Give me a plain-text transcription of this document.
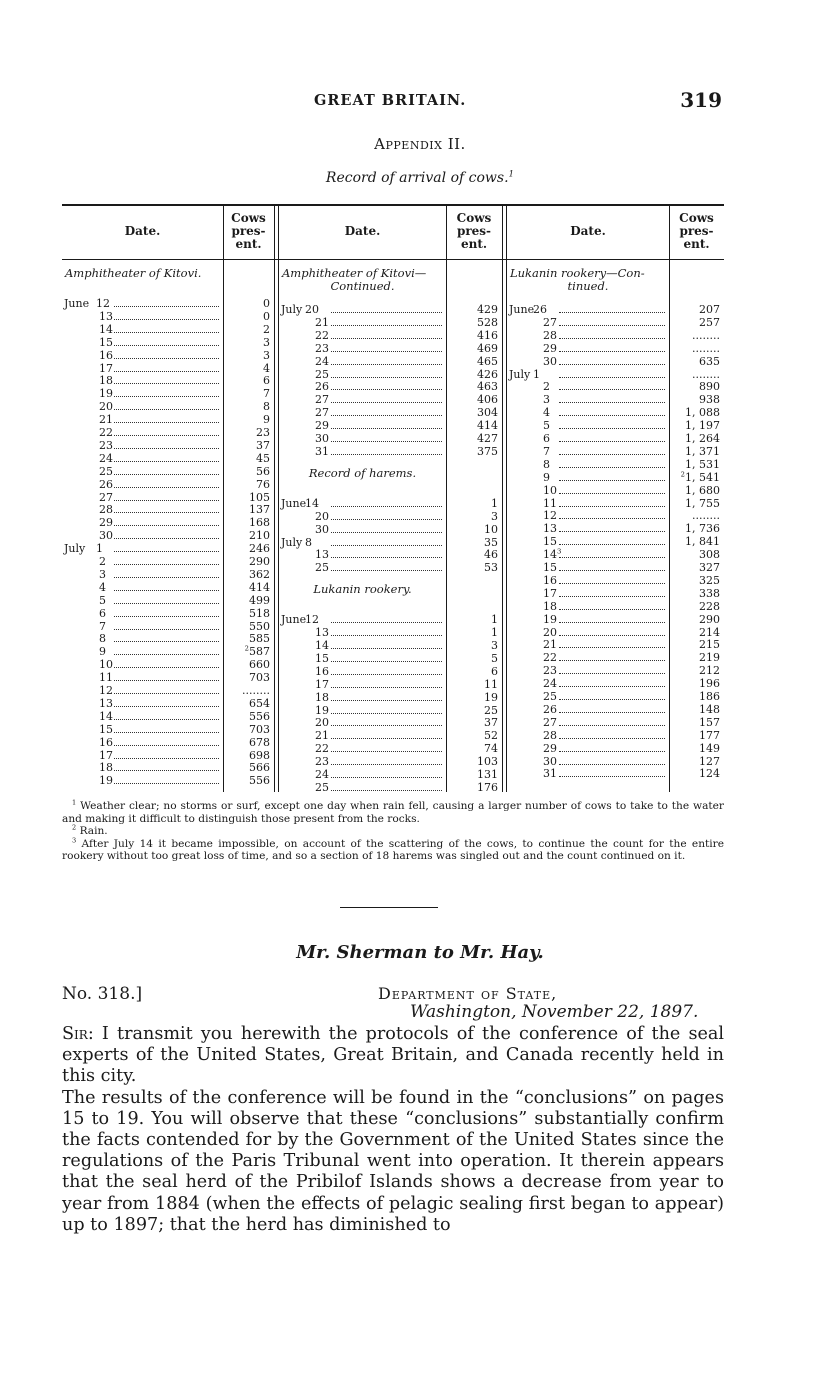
GREAT BRITAIN.	319
Appendix II.
Record of arrival of cows.$^1$
Date.
Cows
pres-
ent.
Date.
Cows
pres-
ent.
Date.
Cows
pres-
ent.
Amphitheater of Kitovi.
June 12	0
13	0
14	2
15	3
16	3
17	4
18	6
19	7
20	8
21	9
22	23
23	37
24	45
25	56
26	76
27	105
28	137
29	168
30	210
July 1	246
2	290
3	362
4	414
5	499
6	518
7	550
8	585
9	$^2$587
10	660
11	703
12	........
13	654
14	556
15	703
16	678
17	698
18	566
19	556
Amphitheater of Kitovi—
Continued.
July 20	429
21	528
22	416
23	469
24	465
25	426
26	463
27	406
27	304
29	414
30	427
31	375
Record of harems.
June
14	1
20	3
30	10
July 8	35
13	46
25	53
Lukanin rookery.
June
12	1
13	1
14	3
15	5
16	6
17	11
18	19
19	25
20	37
21	52
22	74
23	103
24	131
25	176
Lukanin rookery—Con-
tinued.
June
26	207
27	257
28	........
29	........
30	635
July 1	........
2	890
3	938
4	1, 088
5	1, 197
6	1, 264
7	1, 371
8	1, 531
9	$^2$1, 541
10	1, 680
11	1, 755
12	........
13	1, 736
15	1, 841
$14^3$	308
15	327
16	325
17	338
18	228
19	290
20	214
21	215
22	219
23	212
24	196
25	186
26	148
27	157
28	177
29	149
30	127
31	124

$^1$ Weather clear; no storms or surf, except one day when rain fell, causing a larger number of cows to take to the water and making it difficult to distinguish those present from the rocks.

$^2$ Rain.

$^3$ After July 14 it became impossible, on account of the scattering of the cows, to continue the count for the entire rookery without too great loss of time, and so a section of 18 harems was singled out and the count continued on it.

Mr. Sherman to Mr. Hay.
No. 318.]	Department of State,
Washington, November 22, 1897.

Sir: I transmit you herewith the protocols of the conference of the seal experts of the United States, Great Britain, and Canada recently held in this city.

The results of the conference will be found in the “conclusions” on pages 15 to 19. You will observe that these “conclusions” substantially confirm the facts contended for by the Government of the United States since the regulations of the Paris Tribunal went into operation. It therein appears that the seal herd of the Pribilof Islands shows a decrease from year to year from 1884 (when the effects of pelagic sealing first began to appear) up to 1897; that the herd has diminished to
